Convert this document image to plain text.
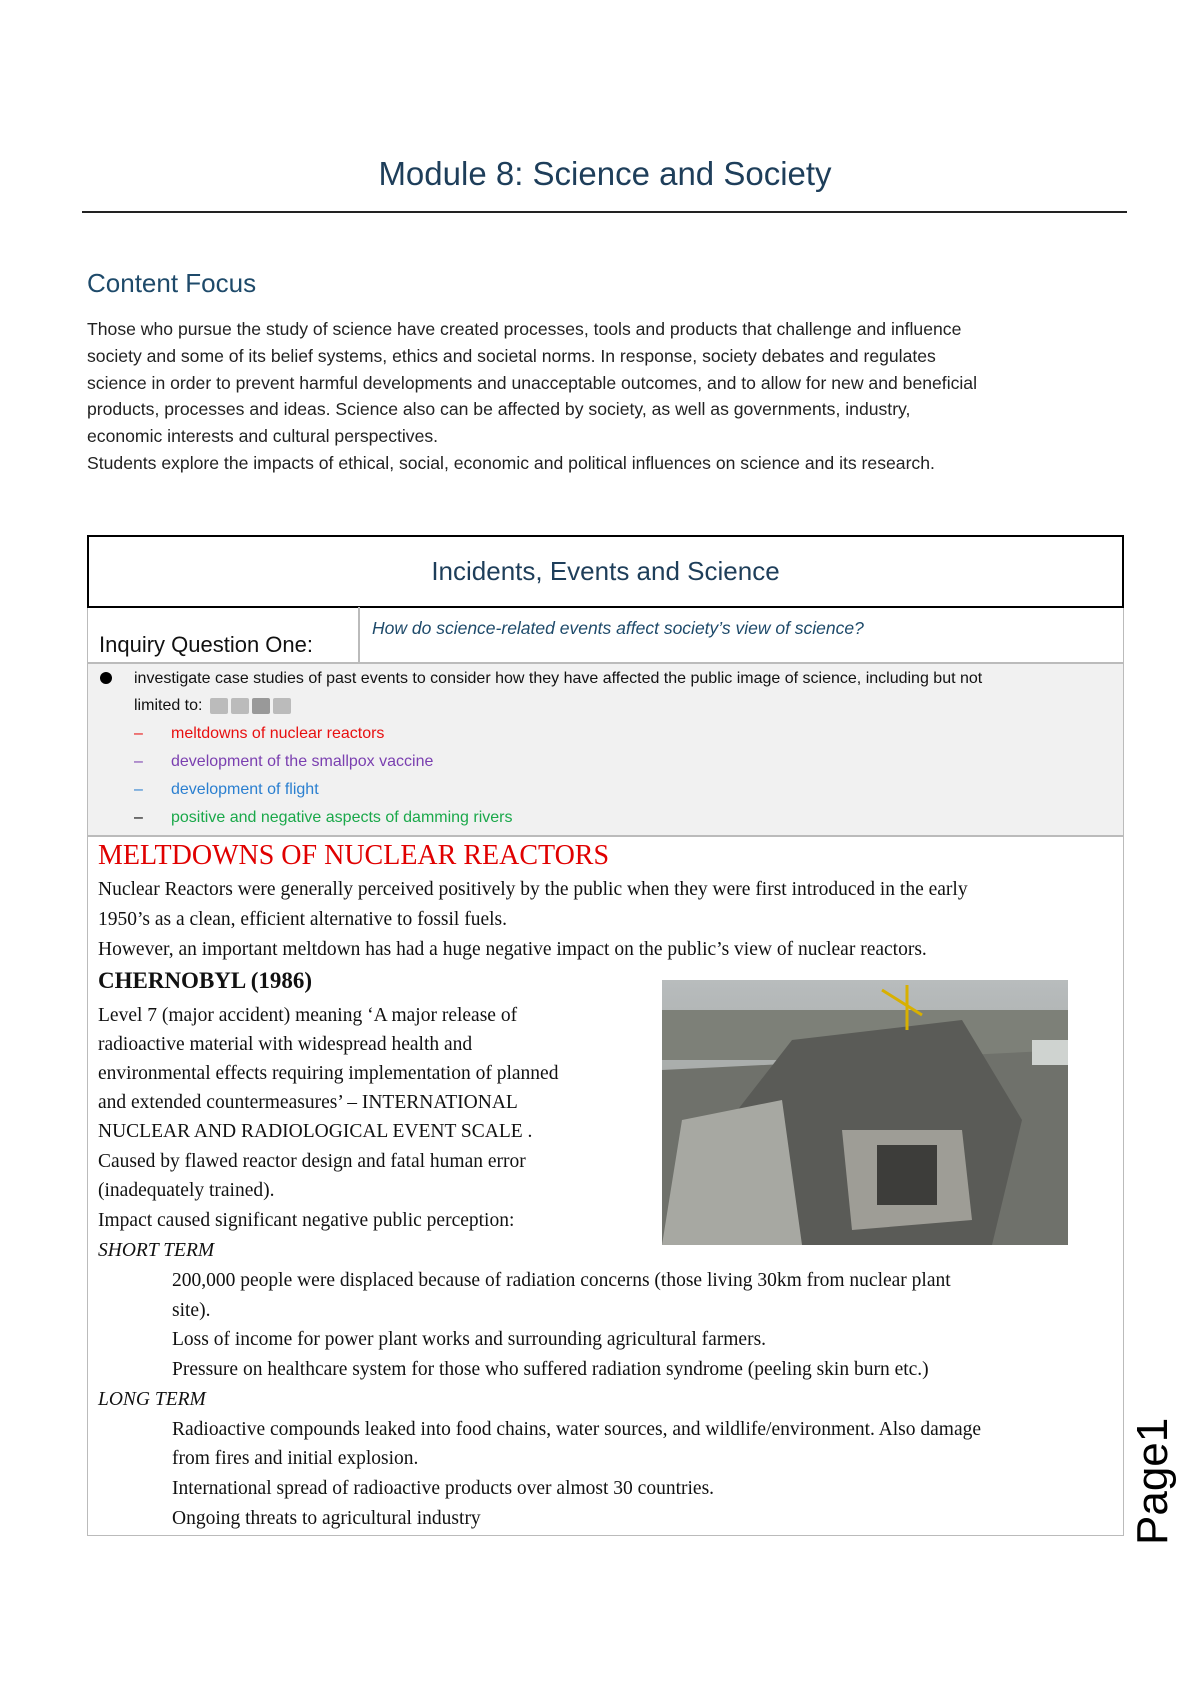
Module 8: Science and Society
Content Focus
Those who pursue the study of science have created processes, tools and products that challenge and influence
society and some of its belief systems, ethics and societal norms. In response, society debates and regulates
science in order to prevent harmful developments and unacceptable outcomes, and to allow for new and beneficial
products, processes and ideas. Science also can be affected by society, as well as governments, industry,
economic interests and cultural perspectives.
Students explore the impacts of ethical, social, economic and political influences on science and its research.
Incidents, Events and Science
Inquiry Question One:
How do science-related events affect society’s view of science?
investigate case studies of past events to consider how they have affected the public image of science, including but not
limited to:
– meltdowns of nuclear reactors
– development of the smallpox vaccine
– development of flight
– positive and negative aspects of damming rivers
MELTDOWNS OF NUCLEAR REACTORS
Nuclear Reactors were generally perceived positively by the public when they were first introduced in the early
1950’s as a clean, efficient alternative to fossil fuels.
However, an important meltdown has had a huge negative impact on the public’s view of nuclear reactors.
CHERNOBYL (1986)
Level 7 (major accident) meaning ‘A major release of
radioactive material with widespread health and
environmental effects requiring implementation of planned
and extended countermeasures’ – INTERNATIONAL
NUCLEAR AND RADIOLOGICAL EVENT SCALE .
Caused by flawed reactor design and fatal human error
(inadequately trained).
Impact caused significant negative public perception:
SHORT TERM
200,000 people were displaced because of radiation concerns (those living 30km from nuclear plant
site).
Loss of income for power plant works and surrounding agricultural farmers.
Pressure on healthcare system for those who suffered radiation syndrome (peeling skin burn etc.)
LONG TERM
Radioactive compounds leaked into food chains, water sources, and wildlife/environment. Also damage
from fires and initial explosion.
International spread of radioactive products over almost 30 countries.
Ongoing threats to agricultural industry	Page1
